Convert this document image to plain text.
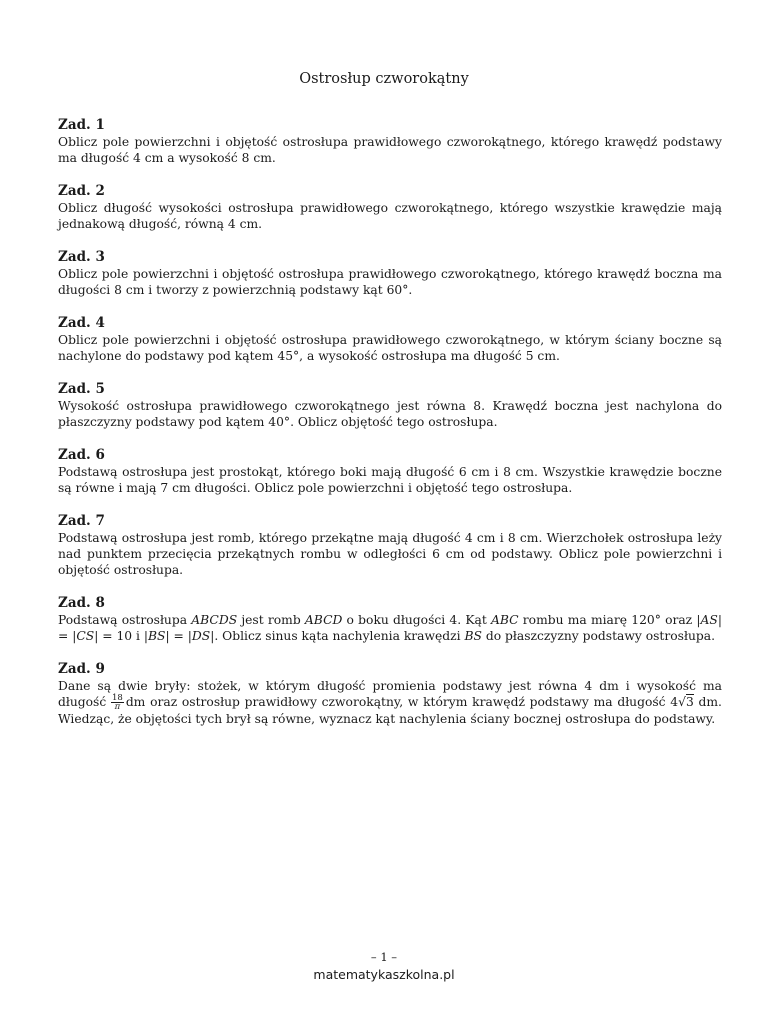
Ostrosłup czworokątny
Zad. 1
Oblicz pole powierzchni i objętość ostrosłupa prawidłowego czworokątnego, którego krawędź podstawy ma długość 4 cm a wysokość 8 cm.
Zad. 2
Oblicz długość wysokości ostrosłupa prawidłowego czworokątnego, którego wszystkie krawędzie mają jednakową długość, równą 4 cm.
Zad. 3
Oblicz pole powierzchni i objętość ostrosłupa prawidłowego czworokątnego, którego krawędź boczna ma długości 8 cm i tworzy z powierzchnią podstawy kąt 60°.
Zad. 4
Oblicz pole powierzchni i objętość ostrosłupa prawidłowego czworokątnego, w którym ściany boczne są nachylone do podstawy pod kątem 45°, a wysokość ostrosłupa ma długość 5 cm.
Zad. 5
Wysokość ostrosłupa prawidłowego czworokątnego jest równa 8. Krawędź boczna jest nachylona do płaszczyzny podstawy pod kątem 40°. Oblicz objętość tego ostrosłupa.
Zad. 6
Podstawą ostrosłupa jest prostokąt, którego boki mają długość 6 cm i 8 cm. Wszystkie krawędzie boczne są równe i mają 7 cm długości. Oblicz pole powierzchni i objętość tego ostrosłupa.
Zad. 7
Podstawą ostrosłupa jest romb, którego przekątne mają długość 4 cm i 8 cm. Wierzchołek ostrosłupa leży nad punktem przecięcia przekątnych rombu w odległości 6 cm od podstawy. Oblicz pole powierzchni i objętość ostrosłupa.
Zad. 8
Podstawą ostrosłupa ABCDS jest romb ABCD o boku długości 4. Kąt ABC rombu ma miarę 120° oraz |AS| = |CS| = 10 i |BS| = |DS|. Oblicz sinus kąta nachylenia krawędzi BS do płaszczyzny podstawy ostrosłupa.
Zad. 9
Dane są dwie bryły: stożek, w którym długość promienia podstawy jest równa 4 dm i wysokość ma długość $\frac{18}{\pi}$ dm oraz ostrosłup prawidłowy czworokątny, w którym krawędź podstawy ma długość 4√3 dm. Wiedząc, że objętości tych brył są równe, wyznacz kąt nachylenia ściany bocznej ostrosłupa do podstawy.
– 1 –
matematykaszkolna.pl
